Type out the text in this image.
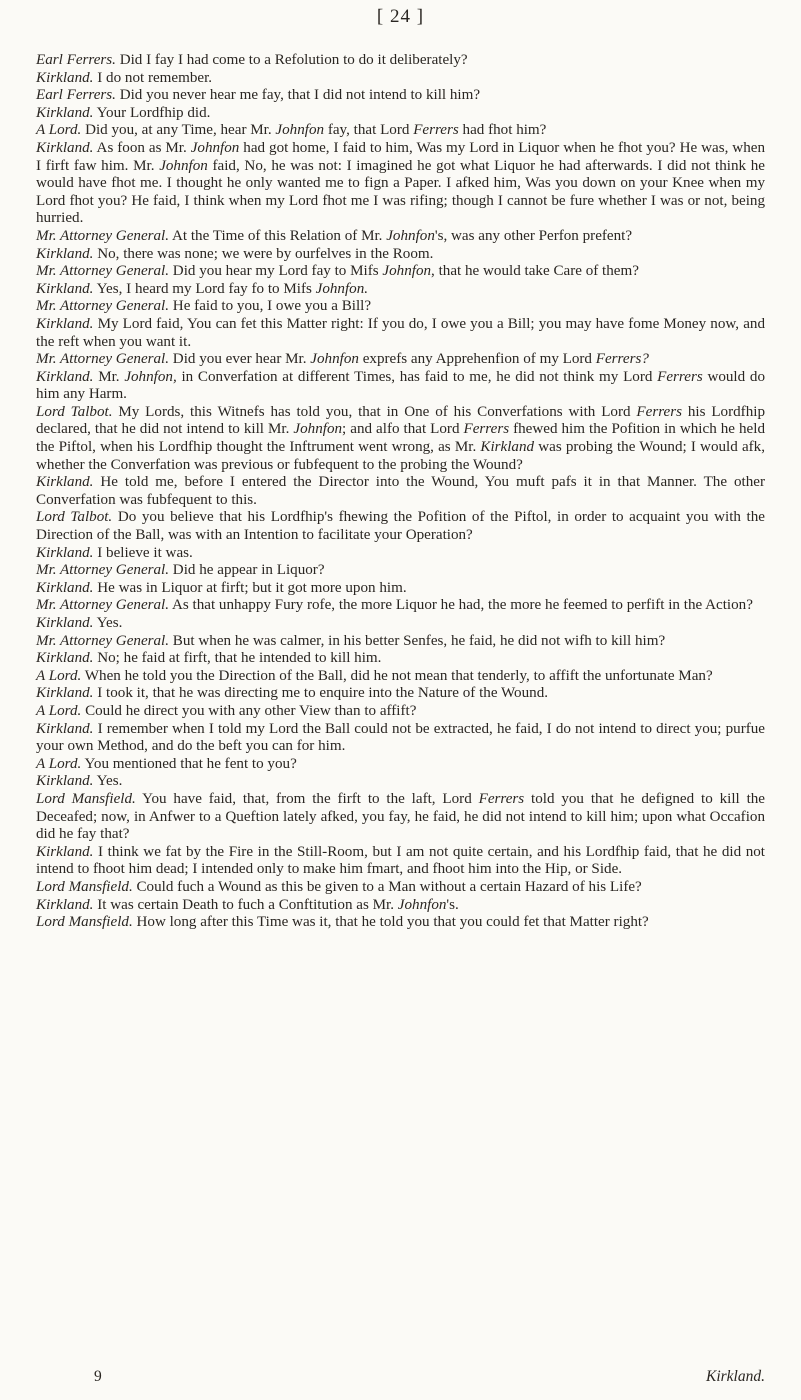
[ 24 ]

Earl Ferrers. Did I fay I had come to a Refolution to do it deliberately?

Kirkland. I do not remember.

Earl Ferrers. Did you never hear me fay, that I did not intend to kill him?

Kirkland. Your Lordfhip did.

A Lord. Did you, at any Time, hear Mr. Johnfon fay, that Lord Ferrers had fhot him?

Kirkland. As foon as Mr. Johnfon had got home, I faid to him, Was my Lord in Liquor when he fhot you? He was, when I firft faw him. Mr. Johnfon faid, No, he was not: I imagined he got what Liquor he had afterwards. I did not think he would have fhot me. I thought he only wanted me to fign a Paper. I afked him, Was you down on your Knee when my Lord fhot you? He faid, I think when my Lord fhot me I was rifing; though I cannot be fure whether I was or not, being hurried.

Mr. Attorney General. At the Time of this Relation of Mr. Johnfon's, was any other Perfon prefent?

Kirkland. No, there was none; we were by ourfelves in the Room.

Mr. Attorney General. Did you hear my Lord fay to Mifs Johnfon, that he would take Care of them?

Kirkland. Yes, I heard my Lord fay fo to Mifs Johnfon.

Mr. Attorney General. He faid to you, I owe you a Bill?

Kirkland. My Lord faid, You can fet this Matter right: If you do, I owe you a Bill; you may have fome Money now, and the reft when you want it.

Mr. Attorney General. Did you ever hear Mr. Johnfon exprefs any Apprehenfion of my Lord Ferrers?

Kirkland. Mr. Johnfon, in Converfation at different Times, has faid to me, he did not think my Lord Ferrers would do him any Harm.

Lord Talbot. My Lords, this Witnefs has told you, that in One of his Converfations with Lord Ferrers his Lordfhip declared, that he did not intend to kill Mr. Johnfon; and alfo that Lord Ferrers fhewed him the Pofition in which he held the Piftol, when his Lordfhip thought the Inftrument went wrong, as Mr. Kirkland was probing the Wound; I would afk, whether the Converfation was previous or fubfequent to the probing the Wound?

Kirkland. He told me, before I entered the Director into the Wound, You muft pafs it in that Manner. The other Converfation was fubfequent to this.

Lord Talbot. Do you believe that his Lordfhip's fhewing the Pofition of the Piftol, in order to acquaint you with the Direction of the Ball, was with an Intention to facilitate your Operation?

Kirkland. I believe it was.

Mr. Attorney General. Did he appear in Liquor?

Kirkland. He was in Liquor at firft; but it got more upon him.

Mr. Attorney General. As that unhappy Fury rofe, the more Liquor he had, the more he feemed to perfift in the Action?

Kirkland. Yes.

Mr. Attorney General. But when he was calmer, in his better Senfes, he faid, he did not wifh to kill him?

Kirkland. No; he faid at firft, that he intended to kill him.

A Lord. When he told you the Direction of the Ball, did he not mean that tenderly, to affift the unfortunate Man?

Kirkland. I took it, that he was directing me to enquire into the Nature of the Wound.

A Lord. Could he direct you with any other View than to affift?

Kirkland. I remember when I told my Lord the Ball could not be extracted, he faid, I do not intend to direct you; purfue your own Method, and do the beft you can for him.

A Lord. You mentioned that he fent to you?

Kirkland. Yes.

Lord Mansfield. You have faid, that, from the firft to the laft, Lord Ferrers told you that he defigned to kill the Deceafed; now, in Anfwer to a Queftion lately afked, you fay, he faid, he did not intend to kill him; upon what Occafion did he fay that?

Kirkland. I think we fat by the Fire in the Still-Room, but I am not quite certain, and his Lordfhip faid, that he did not intend to fhoot him dead; I intended only to make him fmart, and fhoot him into the Hip, or Side.

Lord Mansfield. Could fuch a Wound as this be given to a Man without a certain Hazard of his Life?

Kirkland. It was certain Death to fuch a Conftitution as Mr. Johnfon's.

Lord Mansfield. How long after this Time was it, that he told you that you could fet that Matter right?

9	Kirkland.
